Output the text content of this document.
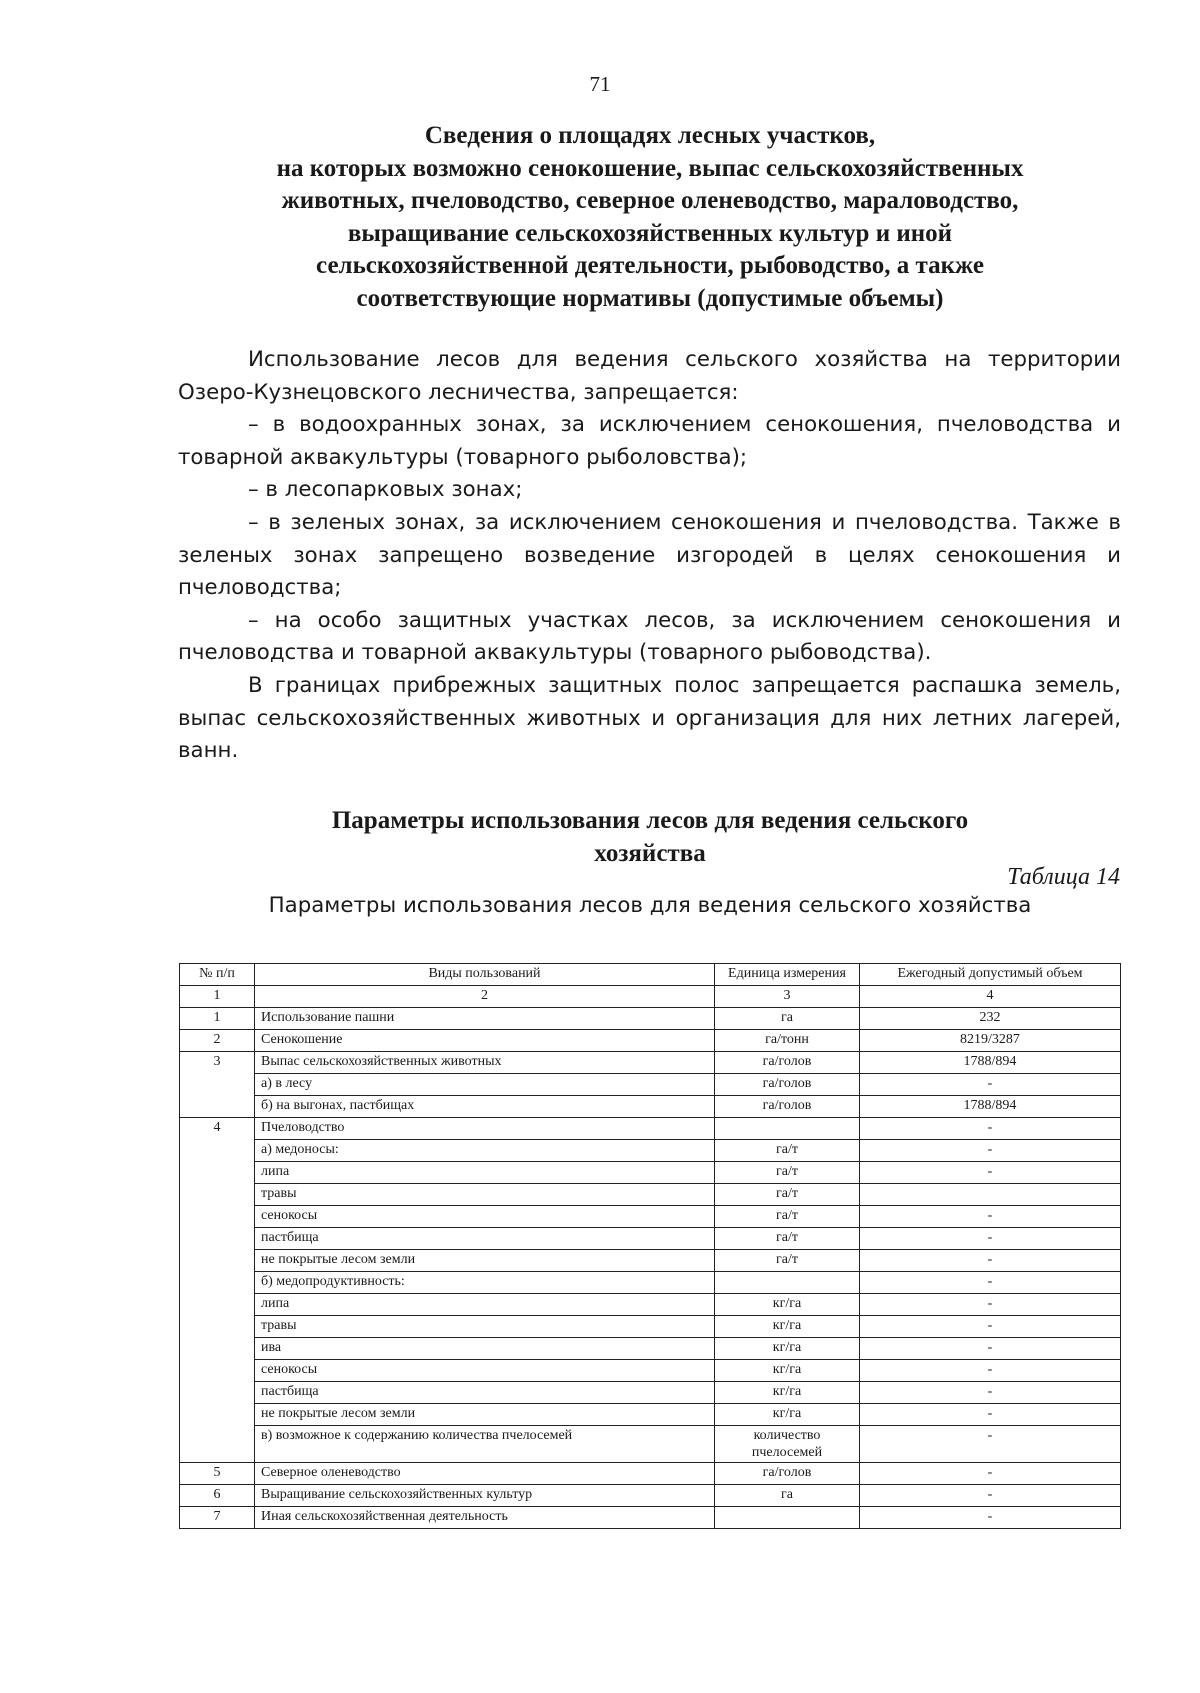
71
Сведения о площадях лесных участков,
на которых возможно сенокошение, выпас сельскохозяйственных
животных, пчеловодство, северное оленеводство, мараловодство,
выращивание сельскохозяйственных культур и иной
сельскохозяйственной деятельности, рыбоводство, а также
соответствующие нормативы (допустимые объемы)

Использование лесов для ведения сельского хозяйства на территории Озеро-Кузнецовского лесничества, запрещается:

– в водоохранных зонах, за исключением сенокошения, пчеловодства и товарной аквакультуры (товарного рыболовства);

– в лесопарковых зонах;

– в зеленых зонах, за исключением сенокошения и пчеловодства. Также в зеленых зонах запрещено возведение изгородей в целях сенокошения и пчеловодства;

– на особо защитных участках лесов, за исключением сенокошения и пчеловодства и товарной аквакультуры (товарного рыбоводства).

В границах прибрежных защитных полос запрещается распашка земель, выпас сельскохозяйственных животных и организация для них летних лагерей, ванн.

Параметры использования лесов для ведения сельского
хозяйства
Таблица 14
Параметры использования лесов для ведения сельского хозяйства
№ п/п	Виды пользований	Единица измерения	Ежегодный допустимый объем
1	2	3	4
1	Использование пашни	га	232
2	Сенокошение	га/тонн	8219/3287
3	Выпас сельскохозяйственных животных	га/голов	1788/894
	а) в лесу	га/голов	-
	б) на выгонах, пастбищах	га/голов	1788/894
4	Пчеловодство		-
	а) медоносы:	га/т	-
	липа	га/т	-
	травы	га/т	
	сенокосы	га/т	-
	пастбища	га/т	-
	не покрытые лесом земли	га/т	-
	б) медопродуктивность:		-
	липа	кг/га	-
	травы	кг/га	-
	ива	кг/га	-
	сенокосы	кг/га	-
	пастбища	кг/га	-
	не покрытые лесом земли	кг/га	-
	в) возможное к содержанию количества пчелосемей	количество пчелосемей	-
5	Северное оленеводство	га/голов	-
6	Выращивание сельскохозяйственных культур	га	-
7	Иная сельскохозяйственная деятельность		-
